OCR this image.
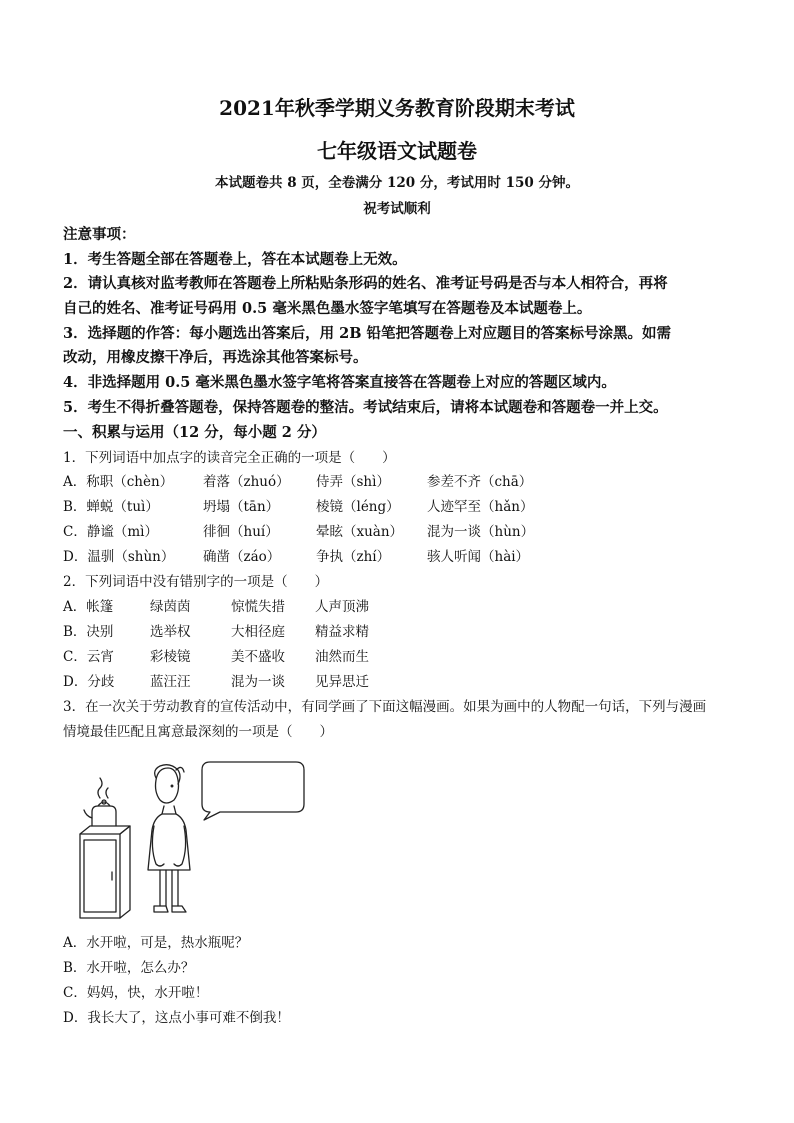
2021年秋季学期义务教育阶段期末考试
七年级语文试题卷
本试题卷共 8 页，全卷满分 120 分，考试用时 150 分钟。
祝考试顺利
注意事项：
1．考生答题全部在答题卷上，答在本试题卷上无效。
2．请认真核对监考教师在答题卷上所粘贴条形码的姓名、准考证号码是否与本人相符合，再将
自己的姓名、准考证号码用 0.5 毫米黑色墨水签字笔填写在答题卷及本试题卷上。
3．选择题的作答：每小题选出答案后，用 2B 铅笔把答题卷上对应题目的答案标号涂黑。如需
改动，用橡皮擦干净后，再选涂其他答案标号。
4．非选择题用 0.5 毫米黑色墨水签字笔将答案直接答在答题卷上对应的答题区域内。
5．考生不得折叠答题卷，保持答题卷的整洁。考试结束后，请将本试题卷和答题卷一并上交。
一、积累与运用（12 分，每小题 2 分）
1．下列词语中加点字的读音完全正确的一项是（　　）
A．称职（chèn） 着落（zhuó） 侍弄（shì）	参差不齐（chā）
B．蝉蜕（tuì）	坍塌（tān）	棱镜（léng） 人迹罕至（hǎn）
C．静谧（mì）	徘徊（huí）	晕眩（xuàn） 混为一谈（hùn）
D．温驯（shùn） 确凿（záo）	争执（zhí）	骇人听闻（hài）
2．下列词语中没有错别字的一项是（　　）
A．帐篷	绿茵茵	惊慌失措 人声顶沸
B．决别	选举权	大相径庭 精益求精
C．云宵	彩棱镜	美不盛收 油然而生
D．分歧	蓝汪汪	混为一谈 见异思迁
3．在一次关于劳动教育的宣传活动中，有同学画了下面这幅漫画。如果为画中的人物配一句话，下列与漫画
情境最佳匹配且寓意最深刻的一项是（　　）
A．水开啦，可是，热水瓶呢？
B．水开啦，怎么办？
C．妈妈，快，水开啦！
D．我长大了，这点小事可难不倒我！
